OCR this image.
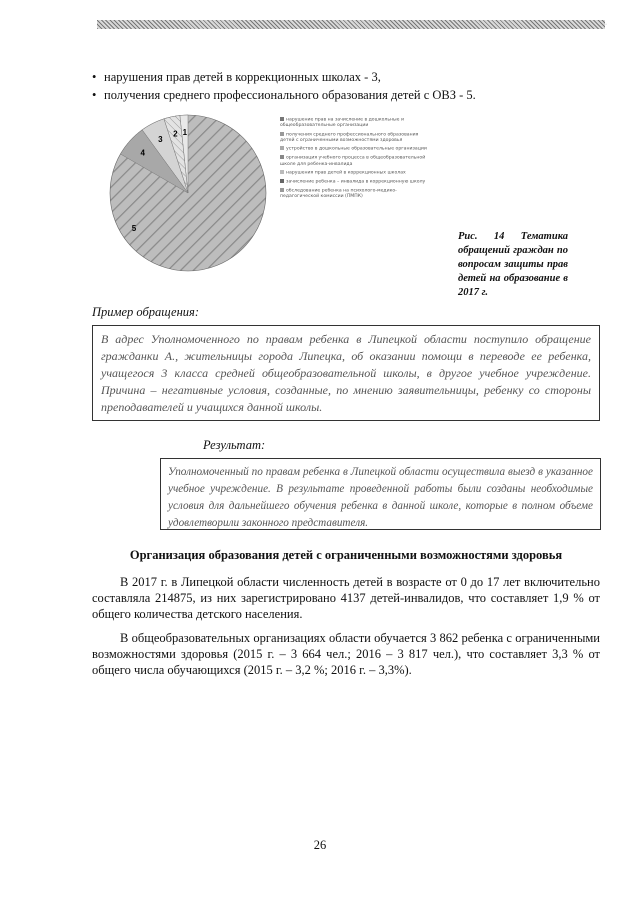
·
• нарушения прав детей в коррекционных школах - 3,
• получения среднего профессионального образования детей с ОВЗ - 5.
1
2
3
4
5
нарушение прав на зачисление в дошкольные и общеобразовательные организации
получения среднего профессионального образования детей с ограниченными возможностями здоровья
устройство в дошкольные образовательные организации
организация учебного процесса в общеобразовательной школе для ребенка-инвалида
нарушения прав детей в коррекционных школах
зачисление ребенка – инвалида в коррекционную школу
обследование ребенка на психолого-медико-педагогической комиссии (ПМПК)
Рис. 14 Тематика обращений граждан по вопросам защиты прав детей на образование в 2017 г.
Пример обращения:
В адрес Уполномоченного по правам ребенка в Липецкой области поступило обращение гражданки А., жительницы города Липецка, об оказании помощи в переводе ее ребенка, учащегося 3 класса средней общеобразовательной школы, в другое учебное учреждение. Причина – негативные условия, созданные, по мнению заявительницы, ребенку со стороны преподавателей и учащихся данной школы.
Результат:
Уполномоченный по правам ребенка в Липецкой области осуществила выезд в указанное учебное учреждение. В результате проведенной работы были созданы необходимые условия для дальнейшего обучения ребенка в данной школе, которые в полном объеме удовлетворили законного представителя.
Организация образования детей с ограниченными возможностями здоровья
В 2017 г. в Липецкой области численность детей в возрасте от 0 до 17 лет включительно составляла 214875, из них зарегистрировано 4137 детей-инвалидов, что составляет 1,9 % от общего количества детского населения.
В общеобразовательных организациях области обучается 3 862 ребенка с ограниченными возможностями здоровья (2015 г. – 3 664 чел.; 2016 – 3 817 чел.), что составляет 3,3 % от общего числа обучающихся (2015 г. – 3,2 %; 2016 г. – 3,3%).
26
